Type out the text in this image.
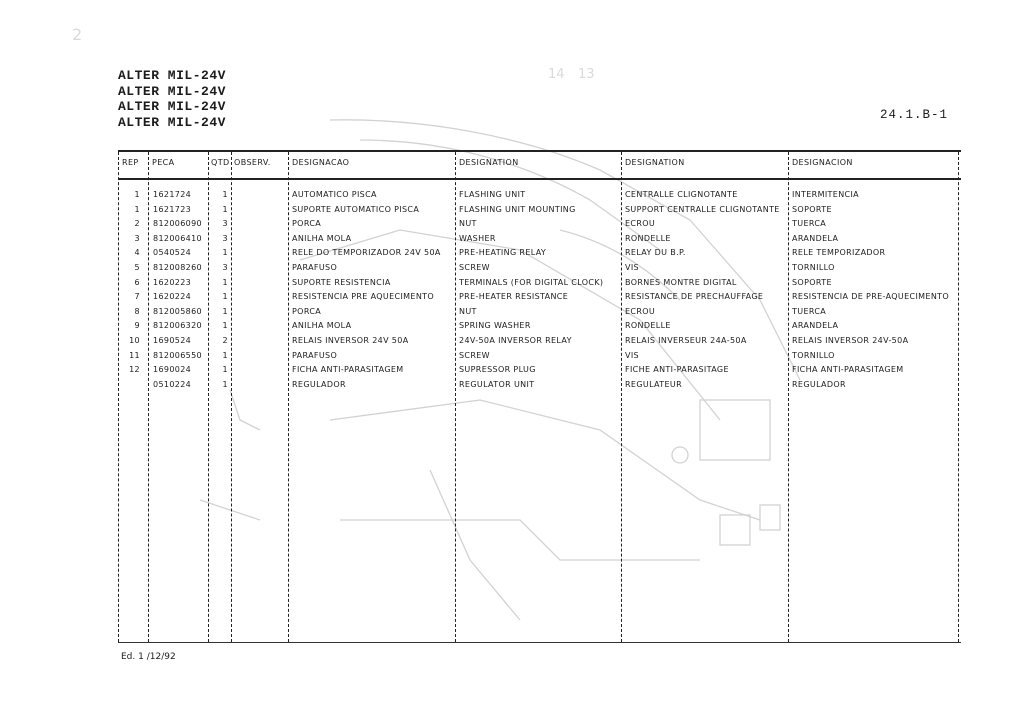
14 13
2
ALTER MIL-24V
ALTER MIL-24V
ALTER MIL-24V
ALTER MIL-24V	24.1.B-1
REP PECA	QTD OBSERV.	DESIGNACAO	DESIGNATION	DESIGNATION	DESIGNACION
1 1621724	1	AUTOMATICO PISCA	FLASHING UNIT	CENTRALLE CLIGNOTANTE	INTERMITENCIA
1 1621723	1	SUPORTE AUTOMATICO PISCA	FLASHING UNIT MOUNTING	SUPPORT CENTRALLE CLIGNOTANTE	SOPORTE
2 812006090	3	PORCA	NUT	ECROU	TUERCA
3 812006410	3	ANILHA MOLA	WASHER	RONDELLE	ARANDELA
4 0540524	1	RELE DO TEMPORIZADOR 24V 50A	PRE-HEATING RELAY	RELAY DU B.P.	RELE TEMPORIZADOR
5 812008260	3	PARAFUSO	SCREW	VIS	TORNILLO
6 1620223	1	SUPORTE RESISTENCIA	TERMINALS (FOR DIGITAL CLOCK)	BORNES MONTRE DIGITAL	SOPORTE
7 1620224	1	RESISTENCIA PRE AQUECIMENTO	PRE-HEATER RESISTANCE	RESISTANCE DE PRECHAUFFAGE	RESISTENCIA DE PRE-AQUECIMENTO
8 812005860	1	PORCA	NUT	ECROU	TUERCA
9 812006320	1	ANILHA MOLA	SPRING WASHER	RONDELLE	ARANDELA
10 1690524	2	RELAIS INVERSOR 24V 50A	24V-50A INVERSOR RELAY	RELAIS INVERSEUR 24A-50A	RELAIS INVERSOR 24V-50A
11 812006550	1	PARAFUSO	SCREW	VIS	TORNILLO
12 1690024	1	FICHA ANTI-PARASITAGEM	SUPRESSOR PLUG	FICHE ANTI-PARASITAGE	FICHA ANTI-PARASITAGEM
0510224	1	REGULADOR	REGULATOR UNIT	REGULATEUR	REGULADOR
Ed. 1 /12/92
